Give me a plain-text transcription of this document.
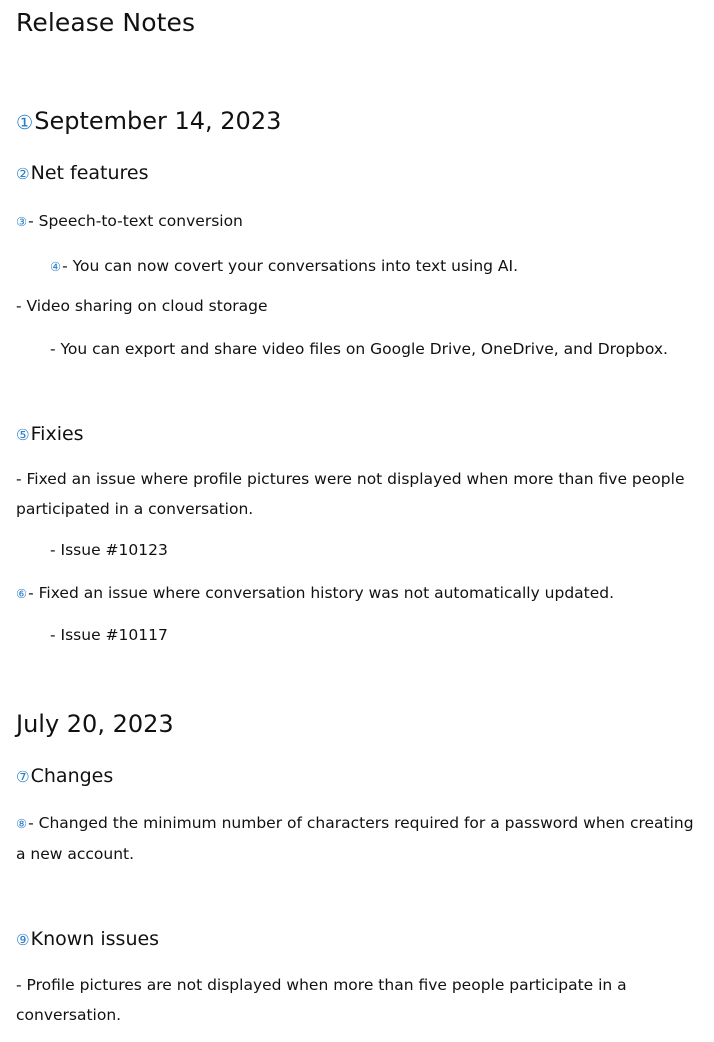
Release Notes
①September 14, 2023
②Net features
③- Speech-to-text conversion
④- You can now covert your conversations into text using AI.
- Video sharing on cloud storage
- You can export and share video files on Google Drive, OneDrive, and Dropbox.
⑤Fixies
- Fixed an issue where profile pictures were not displayed when more than five people participated in a conversation.
- Issue #10123
⑥- Fixed an issue where conversation history was not automatically updated.
- Issue #10117
July 20, 2023
⑦Changes
⑧- Changed the minimum number of characters required for a password when creating a new account.
⑨Known issues
- Profile pictures are not displayed when more than five people participate in a conversation.
